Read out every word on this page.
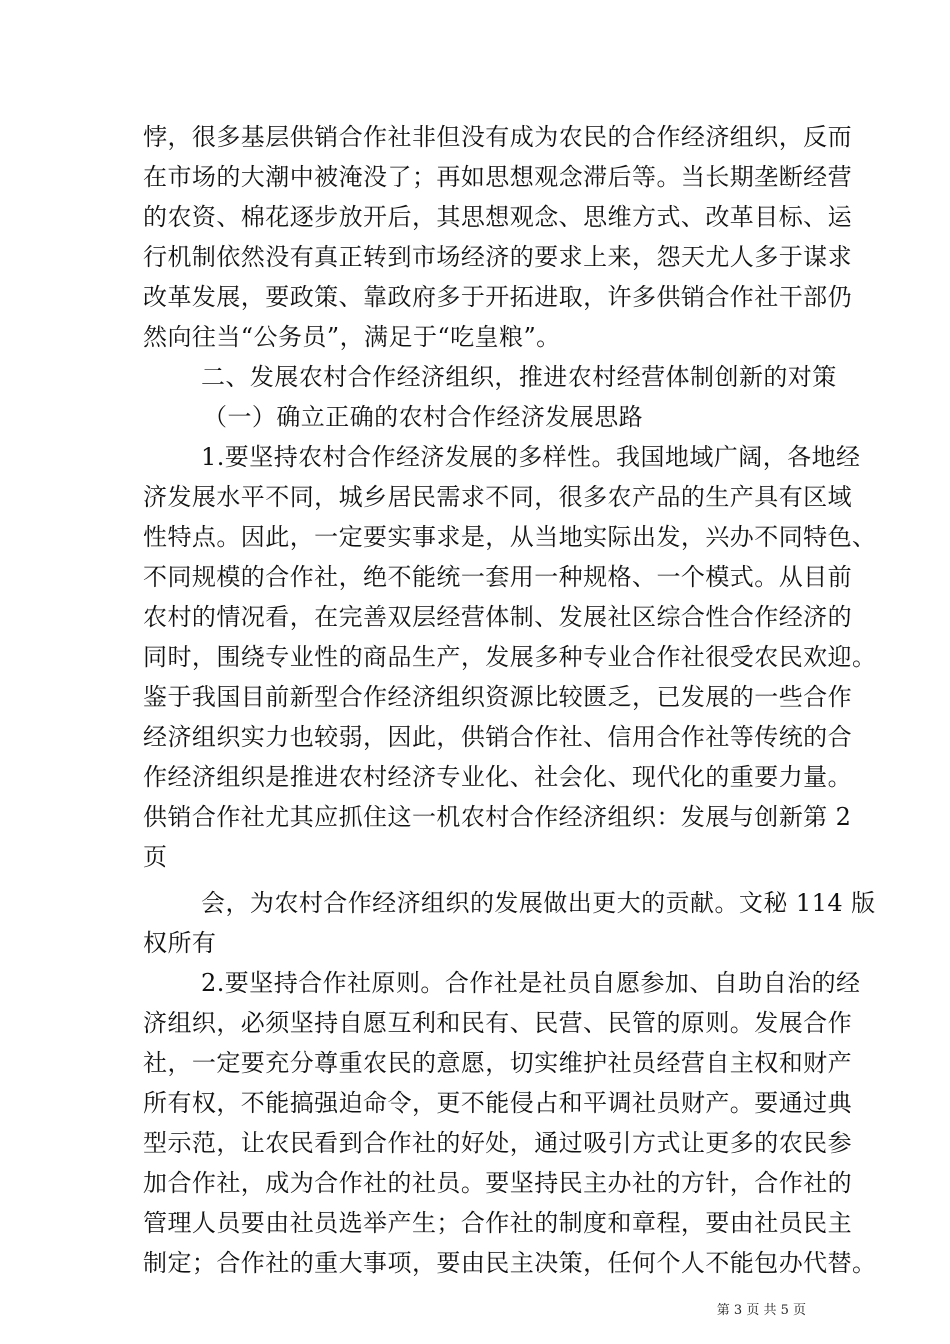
悖，很多基层供销合作社非但没有成为农民的合作经济组织，反而
在市场的大潮中被淹没了；再如思想观念滞后等。当长期垄断经营
的农资、棉花逐步放开后，其思想观念、思维方式、改革目标、运
行机制依然没有真正转到市场经济的要求上来，怨天尤人多于谋求
改革发展，要政策、靠政府多于开拓进取，许多供销合作社干部仍
然向往当“公务员”，满足于“吃皇粮”。
二、发展农村合作经济组织，推进农村经营体制创新的对策
（一）确立正确的农村合作经济发展思路
1.要坚持农村合作经济发展的多样性。我国地域广阔，各地经
济发展水平不同，城乡居民需求不同，很多农产品的生产具有区域
性特点。因此，一定要实事求是，从当地实际出发，兴办不同特色、
不同规模的合作社，绝不能统一套用一种规格、一个模式。从目前
农村的情况看，在完善双层经营体制、发展社区综合性合作经济的
同时，围绕专业性的商品生产，发展多种专业合作社很受农民欢迎。
鉴于我国目前新型合作经济组织资源比较匮乏，已发展的一些合作
经济组织实力也较弱，因此，供销合作社、信用合作社等传统的合
作经济组织是推进农村经济专业化、社会化、现代化的重要力量。
供销合作社尤其应抓住这一机农村合作经济组织：发展与创新第 2
页
会，为农村合作经济组织的发展做出更大的贡献。文秘 114 版
权所有
2.要坚持合作社原则。合作社是社员自愿参加、自助自治的经
济组织，必须坚持自愿互利和民有、民营、民管的原则。发展合作
社，一定要充分尊重农民的意愿，切实维护社员经营自主权和财产
所有权，不能搞强迫命令，更不能侵占和平调社员财产。要通过典
型示范，让农民看到合作社的好处，通过吸引方式让更多的农民参
加合作社，成为合作社的社员。要坚持民主办社的方针，合作社的
管理人员要由社员选举产生；合作社的制度和章程，要由社员民主
制定；合作社的重大事项，要由民主决策，任何个人不能包办代替。
第 3 页 共 5 页
